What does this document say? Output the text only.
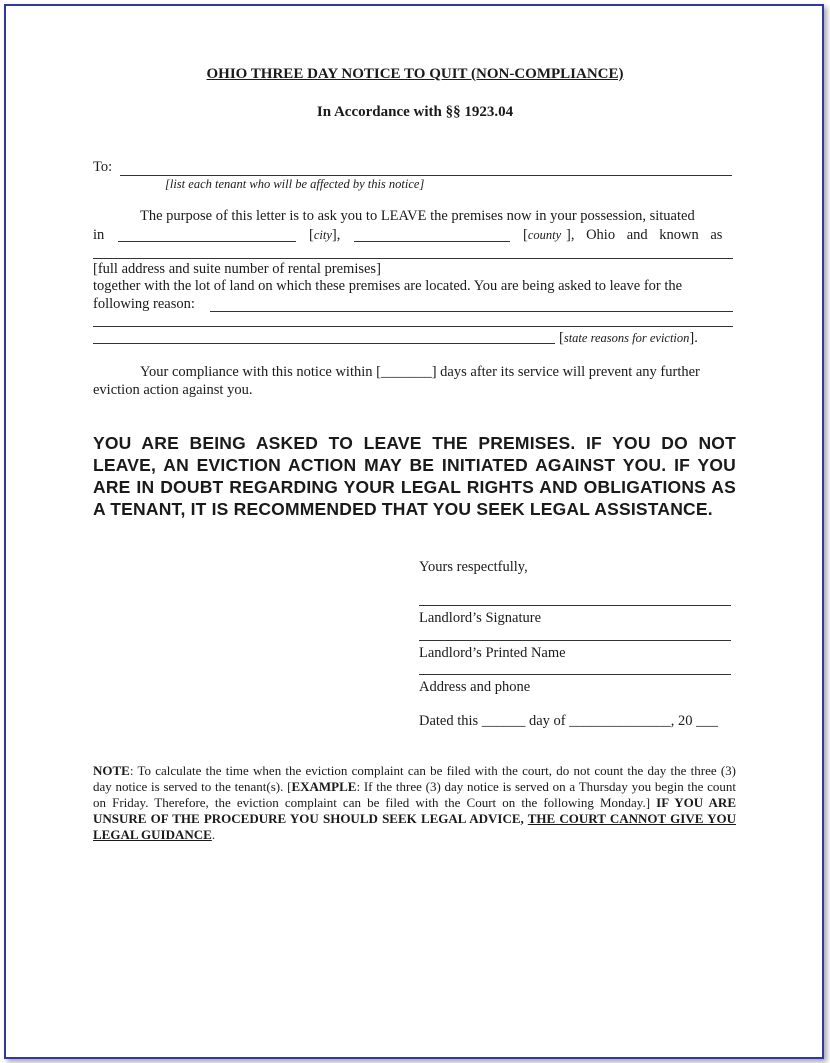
OHIO THREE DAY NOTICE TO QUIT (NON-COMPLIANCE)
In Accordance with §§ 1923.04
To:
[list each tenant who will be affected by this notice]
The purpose of this letter is to ask you to LEAVE the premises now in your possession, situated
in	[city],	[county ], Ohio and known as
[full address and suite number of rental premises]
together with the lot of land on which these premises are located. You are being asked to leave for the
following reason:
[state reasons for eviction].
Your compliance with this notice within [_______] days after its service will prevent any further
eviction action against you.
YOU ARE BEING ASKED TO LEAVE THE PREMISES. IF YOU DO NOT LEAVE, AN EVICTION ACTION MAY BE INITIATED AGAINST YOU. IF YOU ARE IN DOUBT REGARDING YOUR LEGAL RIGHTS AND OBLIGATIONS AS A TENANT, IT IS RECOMMENDED THAT YOU SEEK LEGAL ASSISTANCE.
Yours respectfully,
Landlord’s Signature
Landlord’s Printed Name
Address and phone
Dated this ______ day of ______________, 20 ___
NOTE: To calculate the time when the eviction complaint can be filed with the court, do not count the day the three (3) day notice is served to the tenant(s). [EXAMPLE: If the three (3) day notice is served on a Thursday you begin the count on Friday. Therefore, the eviction complaint can be filed with the Court on the following Monday.] IF YOU ARE UNSURE OF THE PROCEDURE YOU SHOULD SEEK LEGAL ADVICE, THE COURT CANNOT GIVE YOU LEGAL GUIDANCE.
